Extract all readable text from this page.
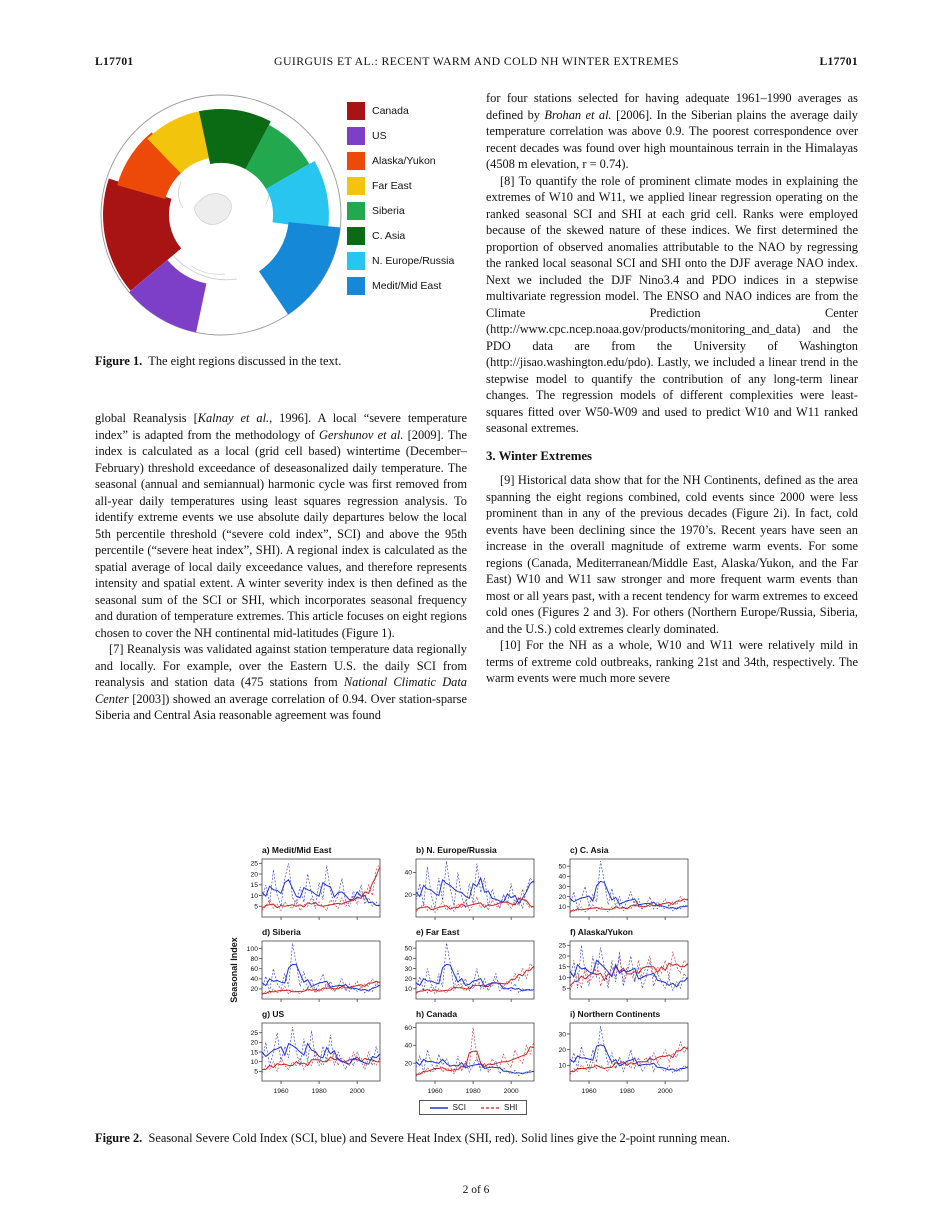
L17701	GUIRGUIS ET AL.: RECENT WARM AND COLD NH WINTER EXTREMES	L17701
Canada
US
Alaska/Yukon
Far East
Siberia
C. Asia
N. Europe/Russia
Medit/Mid East
Figure 1. The eight regions discussed in the text.

global Reanalysis [Kalnay et al., 1996]. A local “severe temperature index” is adapted from the methodology of Gershunov et al. [2009]. The index is calculated as a local (grid cell based) wintertime (December–February) threshold exceedance of deseasonalized daily temperature. The seasonal (annual and semiannual) harmonic cycle was first removed from all-year daily temperatures using least squares regression analysis. To identify extreme events we use absolute daily departures below the local 5th percentile threshold (“severe cold index”, SCI) and above the 95th percentile (“severe heat index”, SHI). A regional index is calculated as the spatial average of local daily exceedance values, and therefore represents intensity and spatial extent. A winter severity index is then defined as the seasonal sum of the SCI or SHI, which incorporates seasonal frequency and duration of temperature extremes. This article focuses on eight regions chosen to cover the NH continental mid-latitudes (Figure 1).

[7] Reanalysis was validated against station temperature data regionally and locally. For example, over the Eastern U.S. the daily SCI from reanalysis and station data (475 stations from National Climatic Data Center [2003]) showed an average correlation of 0.94. Over station-sparse Siberia and Central Asia reasonable agreement was found

for four stations selected for having adequate 1961–1990 averages as defined by Brohan et al. [2006]. In the Siberian plains the average daily temperature correlation was above 0.9. The poorest correspondence over recent decades was found over high mountainous terrain in the Himalayas (4508 m elevation, r = 0.74).

[8] To quantify the role of prominent climate modes in explaining the extremes of W10 and W11, we applied linear regression operating on the ranked seasonal SCI and SHI at each grid cell. Ranks were employed because of the skewed nature of these indices. We first determined the proportion of observed anomalies attributable to the NAO by regressing the ranked local seasonal SCI and SHI onto the DJF average NAO index. Next we included the DJF Nino3.4 and PDO indices in a stepwise multivariate regression model. The ENSO and NAO indices are from the Climate Prediction Center (http://www.cpc.ncep.noaa.gov/products/monitoring_and_data) and the PDO data are from the University of Washington (http://jisao.washington.edu/pdo). Lastly, we included a linear trend in the stepwise model to quantify the contribution of any long-term linear changes. The regression models of different complexities were least-squares fitted over W50-W09 and used to predict W10 and W11 ranked seasonal extremes.

3. Winter Extremes

[9] Historical data show that for the NH Continents, defined as the area spanning the eight regions combined, cold events since 2000 were less prominent than in any of the previous decades (Figure 2i). In fact, cold events have been declining since the 1970’s. Recent years have seen an increase in the overall magnitude of extreme warm events. For some regions (Canada, Mediterranean/Middle East, Alaska/Yukon, and the Far East) W10 and W11 saw stronger and more frequent warm events than most or all years past, with a recent tendency for warm extremes to exceed cold ones (Figures 2 and 3). For others (Northern Europe/Russia, Siberia, and the U.S.) cold extremes clearly dominated.

[10] For the NH as a whole, W10 and W11 were relatively mild in terms of extreme cold outbreaks, ranking 21st and 34th, respectively. The warm events were much more severe

Seasonal Index
a) Medit/Mid East
5
10
15
20
25
b) N. Europe/Russia
20
40
c) C. Asia
10
20
30
40
50
d) Siberia
20
40
60
80
100
e) Far East
10
20
30
40
50
f) Alaska/Yukon
5
10
15
20
25
g) US
5
10
15
20
25
1960	1980	2000
h) Canada
20
40
60
1960	1980	2000
i) Northern Continents
10
20
30
1960	1980	2000
SCI	SHI
Figure 2. Seasonal Severe Cold Index (SCI, blue) and Severe Heat Index (SHI, red). Solid lines give the 2-point running mean.
2 of 6
